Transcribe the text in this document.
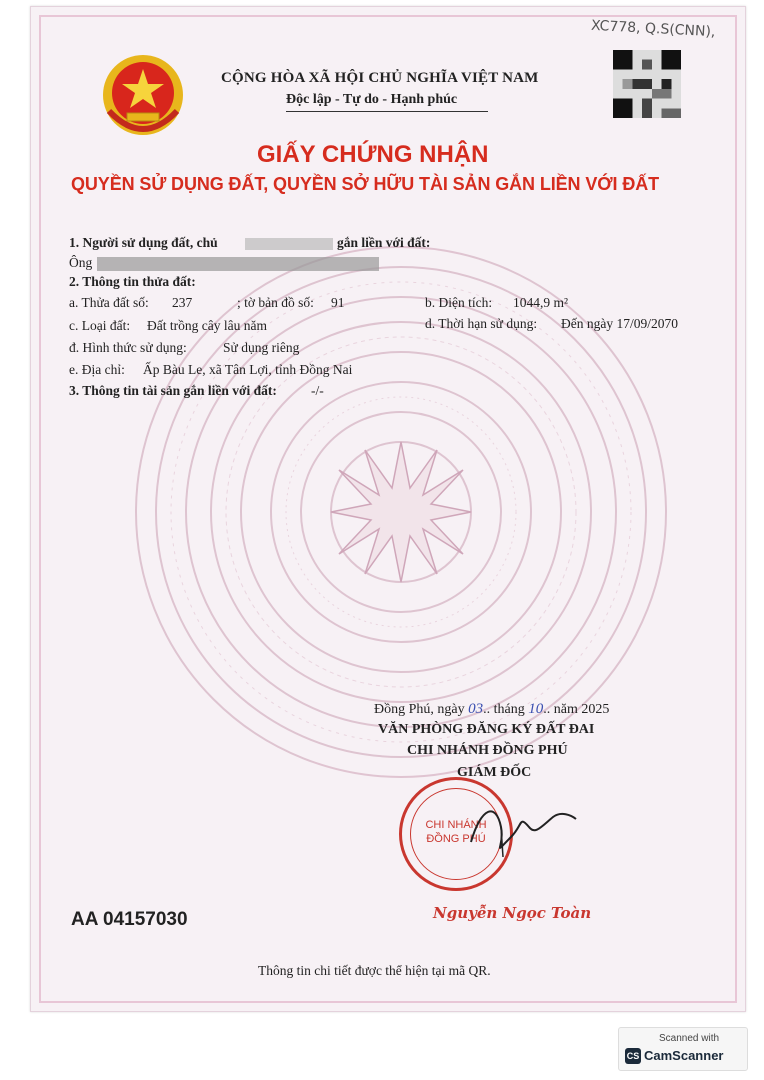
XC778, Q.S(CNN),
CỘNG HÒA XÃ HỘI CHỦ NGHĨA VIỆT NAM
Độc lập - Tự do - Hạnh phúc
GIẤY CHỨNG NHẬN
QUYỀN SỬ DỤNG ĐẤT, QUYỀN SỞ HỮU TÀI SẢN GẮN LIỀN VỚI ĐẤT
1. Người sử dụng đất, chủ	gắn liền với đất:
Ông
2. Thông tin thửa đất:
a. Thửa đất số: 237	; tờ bản đồ số: 91	b. Diện tích: 1044,9 m²
c. Loại đất: Đất trồng cây lâu năm	d. Thời hạn sử dụng: Đến ngày 17/09/2070
đ. Hình thức sử dụng:	Sử dụng riêng
e. Địa chỉ: Ấp Bàu Le, xã Tân Lợi, tỉnh Đồng Nai
3. Thông tin tài sản gắn liền với đất:	-/-
Đồng Phú, ngày 03.. tháng 10.. năm 2025
VĂN PHÒNG ĐĂNG KÝ ĐẤT ĐAI
CHI NHÁNH ĐỒNG PHÚ
GIÁM ĐỐC
CHI NHÁNH
ĐỒNG PHÚ
Nguyễn Ngọc Toàn
AA 04157030
Thông tin chi tiết được thể hiện tại mã QR.
Scanned with
CS CamScanner
